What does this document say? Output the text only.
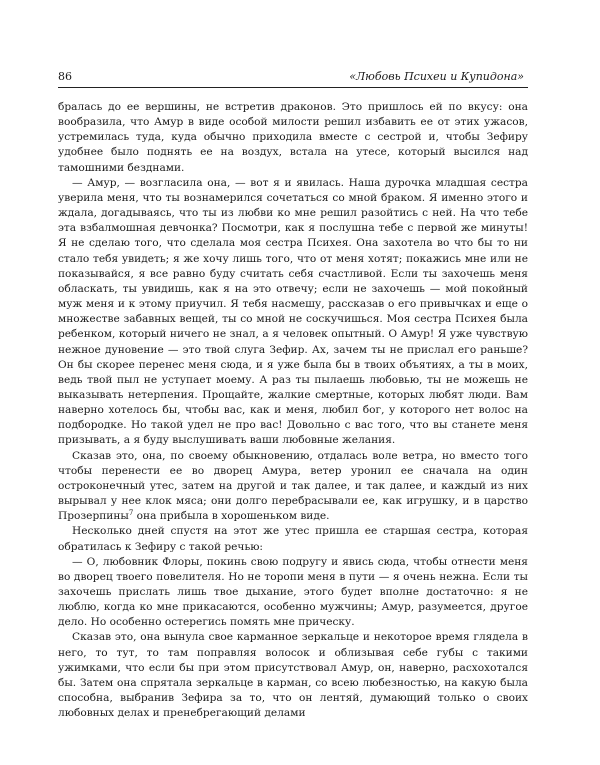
86	«Любовь Психеи и Купидона»

бралась до ее вершины, не встретив драконов. Это пришлось ей по вкусу: она вообразила, что Амур в виде особой милости решил избавить ее от этих ужасов, устремилась туда, куда обычно приходила вместе с сестрой и, чтобы Зефиру удобнее было поднять ее на воздух, встала на утесе, который высился над тамошними безднами.

— Амур, — возгласила она, — вот я и явилась. Наша дурочка младшая сестра уверила меня, что ты вознамерился сочетаться со мной браком. Я именно этого и ждала, догадываясь, что ты из любви ко мне решил разойтись с ней. На что тебе эта взбалмошная девчонка? Посмотри, как я послушна тебе с первой же минуты! Я не сделаю того, что сделала моя сестра Психея. Она захотела во что бы то ни стало тебя увидеть; я же хочу лишь того, что от меня хотят; покажись мне или не показывайся, я все равно буду считать себя счастливой. Если ты захочешь меня обласкать, ты увидишь, как я на это отвечу; если не захочешь — мой покойный муж меня и к этому приучил. Я тебя насмешу, рассказав о его привычках и еще о множестве забавных вещей, ты со мной не соскучишься. Моя сестра Психея была ребенком, который ничего не знал, а я человек опытный. О Амур! Я уже чувствую нежное дуновение — это твой слуга Зефир. Ах, зачем ты не прислал его раньше? Он бы скорее перенес меня сюда, и я уже была бы в твоих объятиях, а ты в моих, ведь твой пыл не уступает моему. А раз ты пылаешь любовью, ты не можешь не выказывать нетерпения. Прощайте, жалкие смертные, которых любят люди. Вам наверно хотелось бы, чтобы вас, как и меня, любил бог, у которого нет волос на подбородке. Но такой удел не про вас! Довольно с вас того, что вы станете меня призывать, а я буду выслушивать ваши любовные желания.

Сказав это, она, по своему обыкновению, отдалась воле ветра, но вместо того чтобы перенести ее во дворец Амура, ветер уронил ее сначала на один остроконечный утес, затем на другой и так далее, и так далее, и каждый из них вырывал у нее клок мяса; они долго перебрасывали ее, как игрушку, и в царство Прозерпины$^7$ она прибыла в хорошеньком виде.

Несколько дней спустя на этот же утес пришла ее старшая сестра, которая обратилась к Зефиру с такой речью:

— О, любовник Флоры, покинь свою подругу и явись сюда, чтобы отнести меня во дворец твоего повелителя. Но не торопи меня в пути — я очень нежна. Если ты захочешь прислать лишь твое дыхание, этого будет вполне достаточно: я не люблю, когда ко мне прикасаются, особенно мужчины; Амур, разумеется, другое дело. Но особенно остерегись помять мне прическу.

Сказав это, она вынула свое карманное зеркальце и некоторое время глядела в него, то тут, то там поправляя волосок и облизывая себе губы с такими ужимками, что если бы при этом присутствовал Амур, он, наверно, расхохотался бы. Затем она спрятала зеркальце в карман, со всею любезностью, на какую была способна, выбранив Зефира за то, что он лентяй, думающий только о своих любовных делах и пренебрегающий делами
